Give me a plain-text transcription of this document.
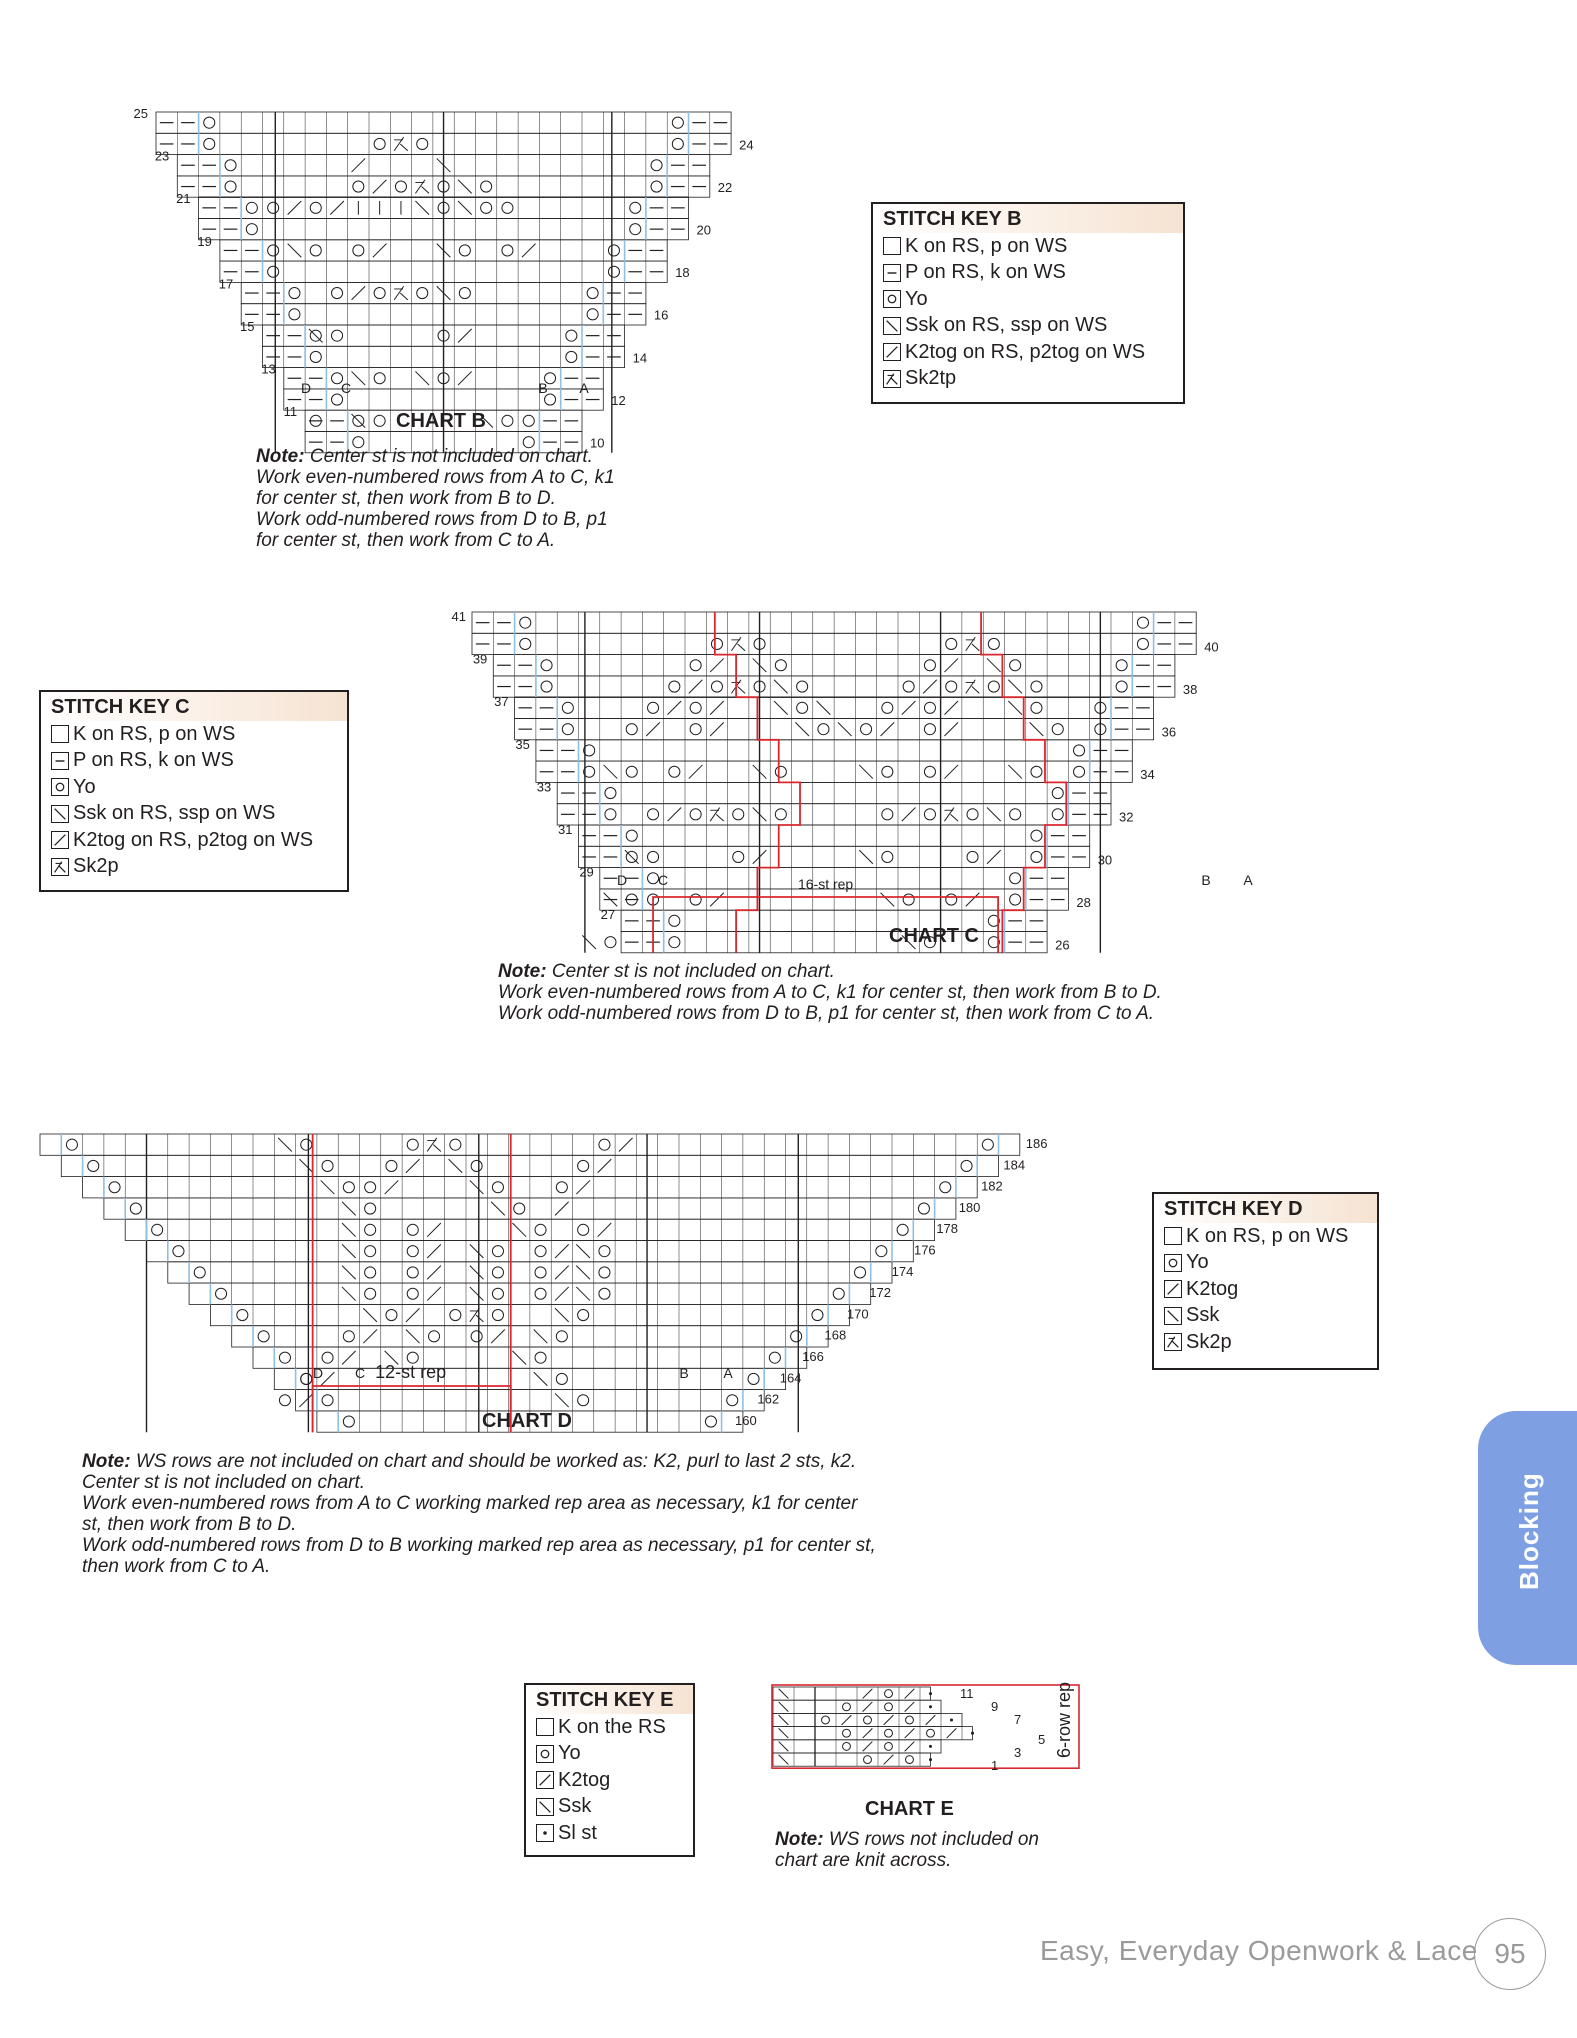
25
23
21
19
17
15
13
11
24
22
20
18
16
14
12
10
D C	B A
16-st rep
41
39
37
35
33
31
29
27
40
38
36
34
32
30
28
26
D C	B A
12-st rep
186
184
182
180
178
176
174
172
170
168
166
164
162
160
D C	B A
11
9
7
5
3
1
6-row rep
CHART B
CHART C
CHART D
CHART E
Note: Center st is not included on chart.
Work even-numbered rows from A to C, k1
for center st, then work from B to D.
Work odd-numbered rows from D to B, p1
for center st, then work from C to A.
Note: Center st is not included on chart.
Work even-numbered rows from A to C, k1 for center st, then work from B to D.
Work odd-numbered rows from D to B, p1 for center st, then work from C to A.
Note: WS rows are not included on chart and should be worked as: K2, purl to last 2 sts, k2.
Center st is not included on chart.
Work even-numbered rows from A to C working marked rep area as necessary, k1 for center
st, then work from B to D.
Work odd-numbered rows from D to B working marked rep area as necessary, p1 for center st,
then work from C to A.
Note: WS rows not included on
chart are knit across.
STITCH KEY B
K on RS, p on WS
P on RS, k on WS
Yo
Ssk on RS, ssp on WS
K2tog on RS, p2tog on WS
Sk2tp
STITCH KEY C
K on RS, p on WS
P on RS, k on WS
Yo
Ssk on RS, ssp on WS
K2tog on RS, p2tog on WS
Sk2p
STITCH KEY D
K on RS, p on WS
Yo
K2tog
Ssk
Sk2p
STITCH KEY E
K on the RS
Yo
K2tog
Ssk
Sl st
Blocking
Easy, Everyday Openwork & Lace 95
